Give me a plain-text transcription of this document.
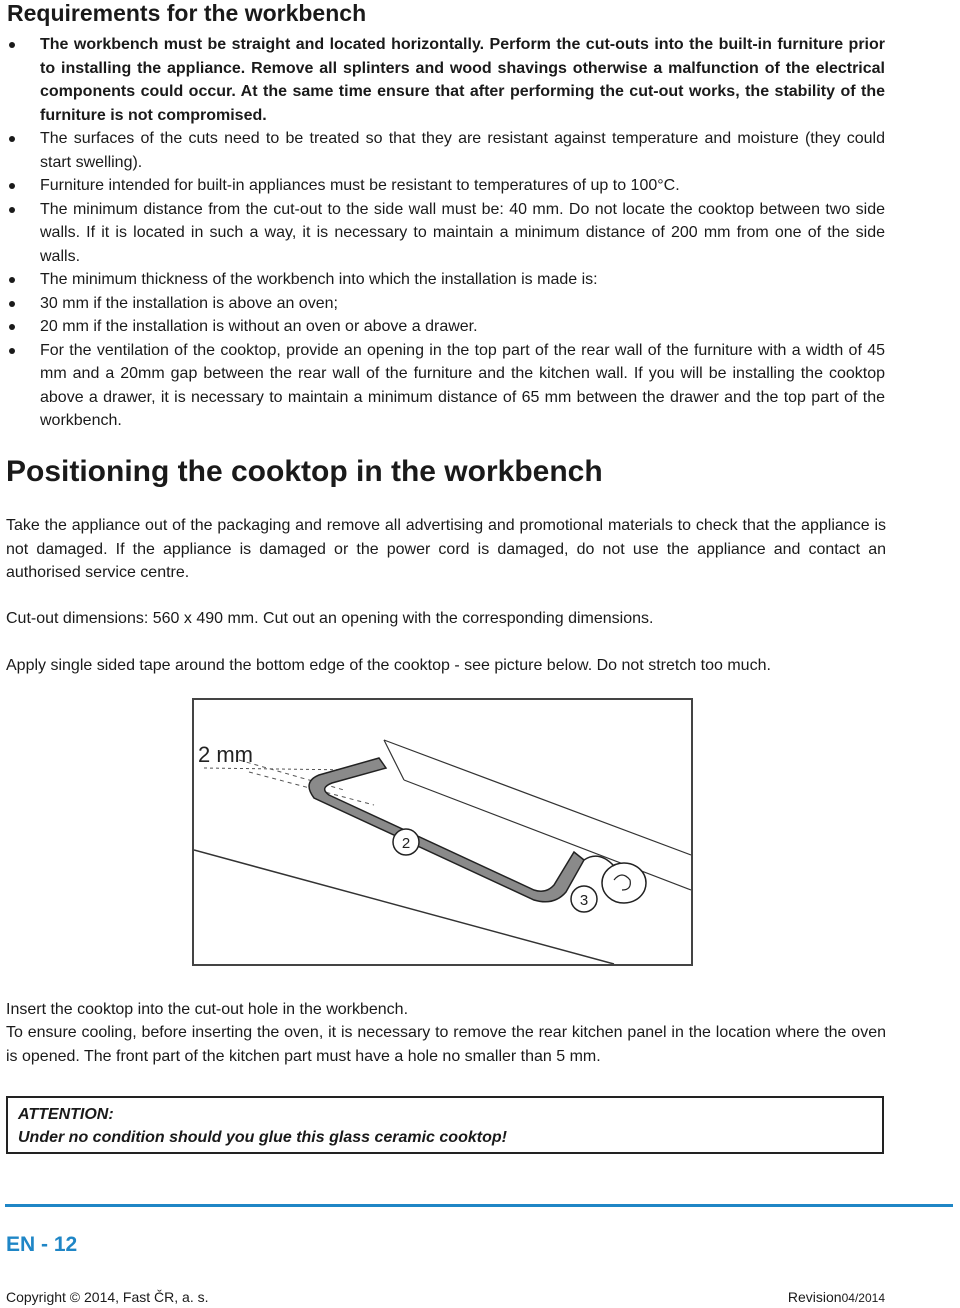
Requirements for the workbench
The workbench must be straight and located horizontally. Perform the cut-outs into the built-in furniture prior to installing the appliance. Remove all splinters and wood shavings otherwise a malfunction of the electrical components could occur. At the same time ensure that after performing the cut-out works, the stability of the furniture is not compromised.
The surfaces of the cuts need to be treated so that they are resistant against temperature and moisture (they could start swelling).
Furniture intended for built-in appliances must be resistant to temperatures of up to 100°C.
The minimum distance from the cut-out to the side wall must be: 40 mm. Do not locate the cooktop between two side walls. If it is located in such a way, it is necessary to maintain a minimum distance of 200 mm from one of the side walls.
The minimum thickness of the workbench into which the installation is made is:
30 mm if the installation is above an oven;
20 mm if the installation is without an oven or above a drawer.
For the ventilation of the cooktop, provide an opening in the top part of the rear wall of the furniture with a width of 45 mm and a 20mm gap between the rear wall of the furniture and the kitchen wall. If you will be installing the cooktop above a drawer, it is necessary to maintain a minimum distance of 65 mm between the drawer and the top part of the workbench.
Positioning the cooktop in the workbench

Take the appliance out of the packaging and remove all advertising and promotional materials to check that the appliance is not damaged. If the appliance is damaged or the power cord is damaged, do not use the appliance and contact an authorised service centre.

Cut-out dimensions: 560 x 490 mm. Cut out an opening with the corresponding dimensions.

Apply single sided tape around the bottom edge of the cooktop - see picture below. Do not stretch too much.

2 mm
2
3

Insert the cooktop into the cut-out hole in the workbench.

To ensure cooling, before inserting the oven, it is necessary to remove the rear kitchen panel in the location where the oven is opened. The front part of the kitchen part must have a hole no smaller than 5 mm.

ATTENTION:
Under no condition should you glue this glass ceramic cooktop!
EN - 12
Copyright © 2014, Fast ČR, a. s.	Revision04/2014
